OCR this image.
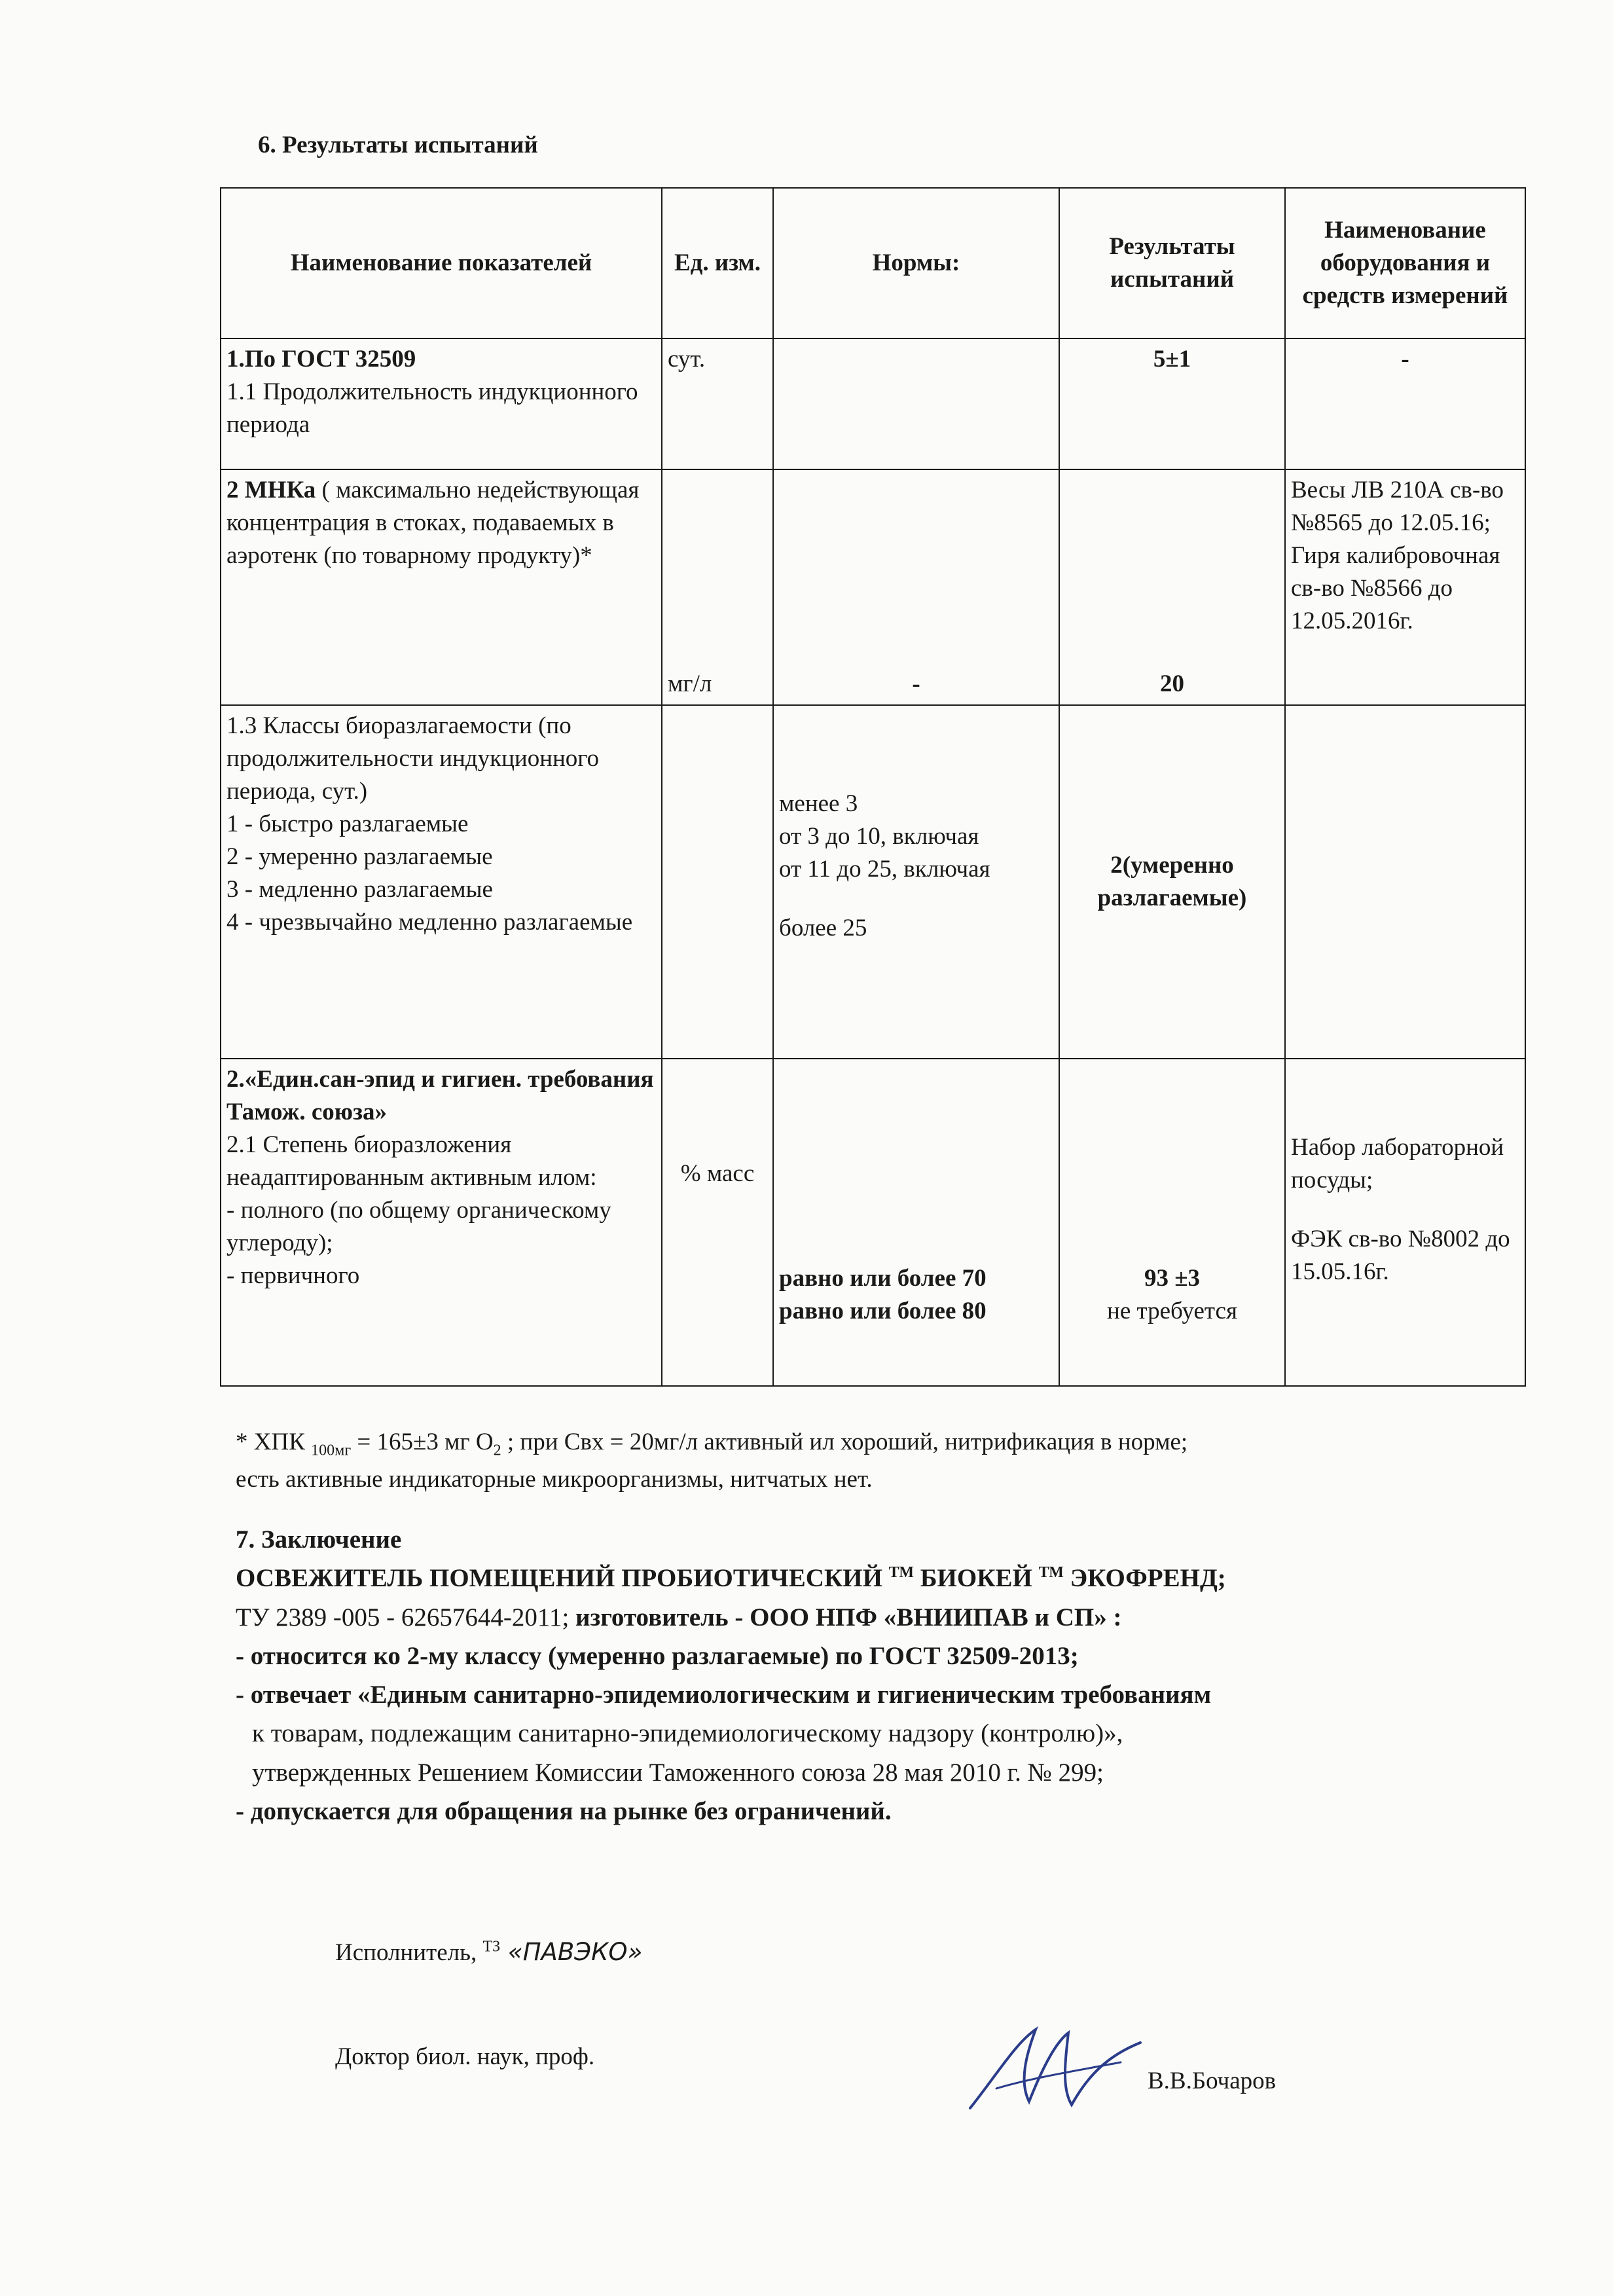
6. Результаты испытаний
Наименование показателей	Ед. изм.	Нормы:	Результаты испытаний	Наименование оборудования и средств измерений

1.По ГОСТ 32509
1.1 Продолжительность индукционного периода	сут.		5±1	-
2 МНКа ( максимально недействующая концентрация в стоках, подаваемых в аэротенк (по товарному продукту)*	мг/л	-	20	Весы ЛВ 210А св-во №8565 до 12.05.16; Гиря калибровочная св-во №8566 до 12.05.2016г.

1.3 Классы биоразлагаемости (по продолжительности индукционного периода, сут.)
1 - быстро разлагаемые
2 - умеренно разлагаемые
3 - медленно разлагаемые
4 - чрезвычайно медленно разлагаемые		менее 3
от 3 до 10, включая
от 11 до 25, включая
более 25	2(умеренно разлагаемые)	

2.«Един.сан-эпид и гигиен. требования Тамож. союза»
2.1 Степень биоразложения неадаптированным активным илом:
- полного (по общему органическому углероду);
- первичного	% масс	равно или более 70
равно или более 80	93 ±3
не требуется	Набор лабораторной посуды;
ФЭК св-во №8002 до 15.05.16г.
* ХПК $_{100мг}$ = 165±3 мг $О_2$ ; при Свх = 20мг/л активный ил хороший, нитрификация в норме;
есть активные индикаторные микроорганизмы, нитчатых нет.
7. Заключение
ОСВЕЖИТЕЛЬ ПОМЕЩЕНИЙ ПРОБИОТИЧЕСКИЙ $^{ТМ}$ БИОКЕЙ $^{ТМ}$ ЭКОФРЕНД;
ТУ 2389 -005 - 62657644-2011; изготовитель - ООО НПФ «ВНИИПАВ и СП» :
- относится ко 2-му классу (умеренно разлагаемые) по ГОСТ 32509-2013;
- отвечает «Единым санитарно-эпидемиологическим и гигиеническим требованиям
к товарам, подлежащим санитарно-эпидемиологическому надзору (контролю)»,
утвержденных Решением Комиссии Таможенного союза 28 мая 2010 г. № 299;
- допускается для обращения на рынке без ограничений.
Исполнитель, $^{ТЗ}$ «ПАВЭКО»
Доктор биол. наук, проф.
В.В.Бочаров
